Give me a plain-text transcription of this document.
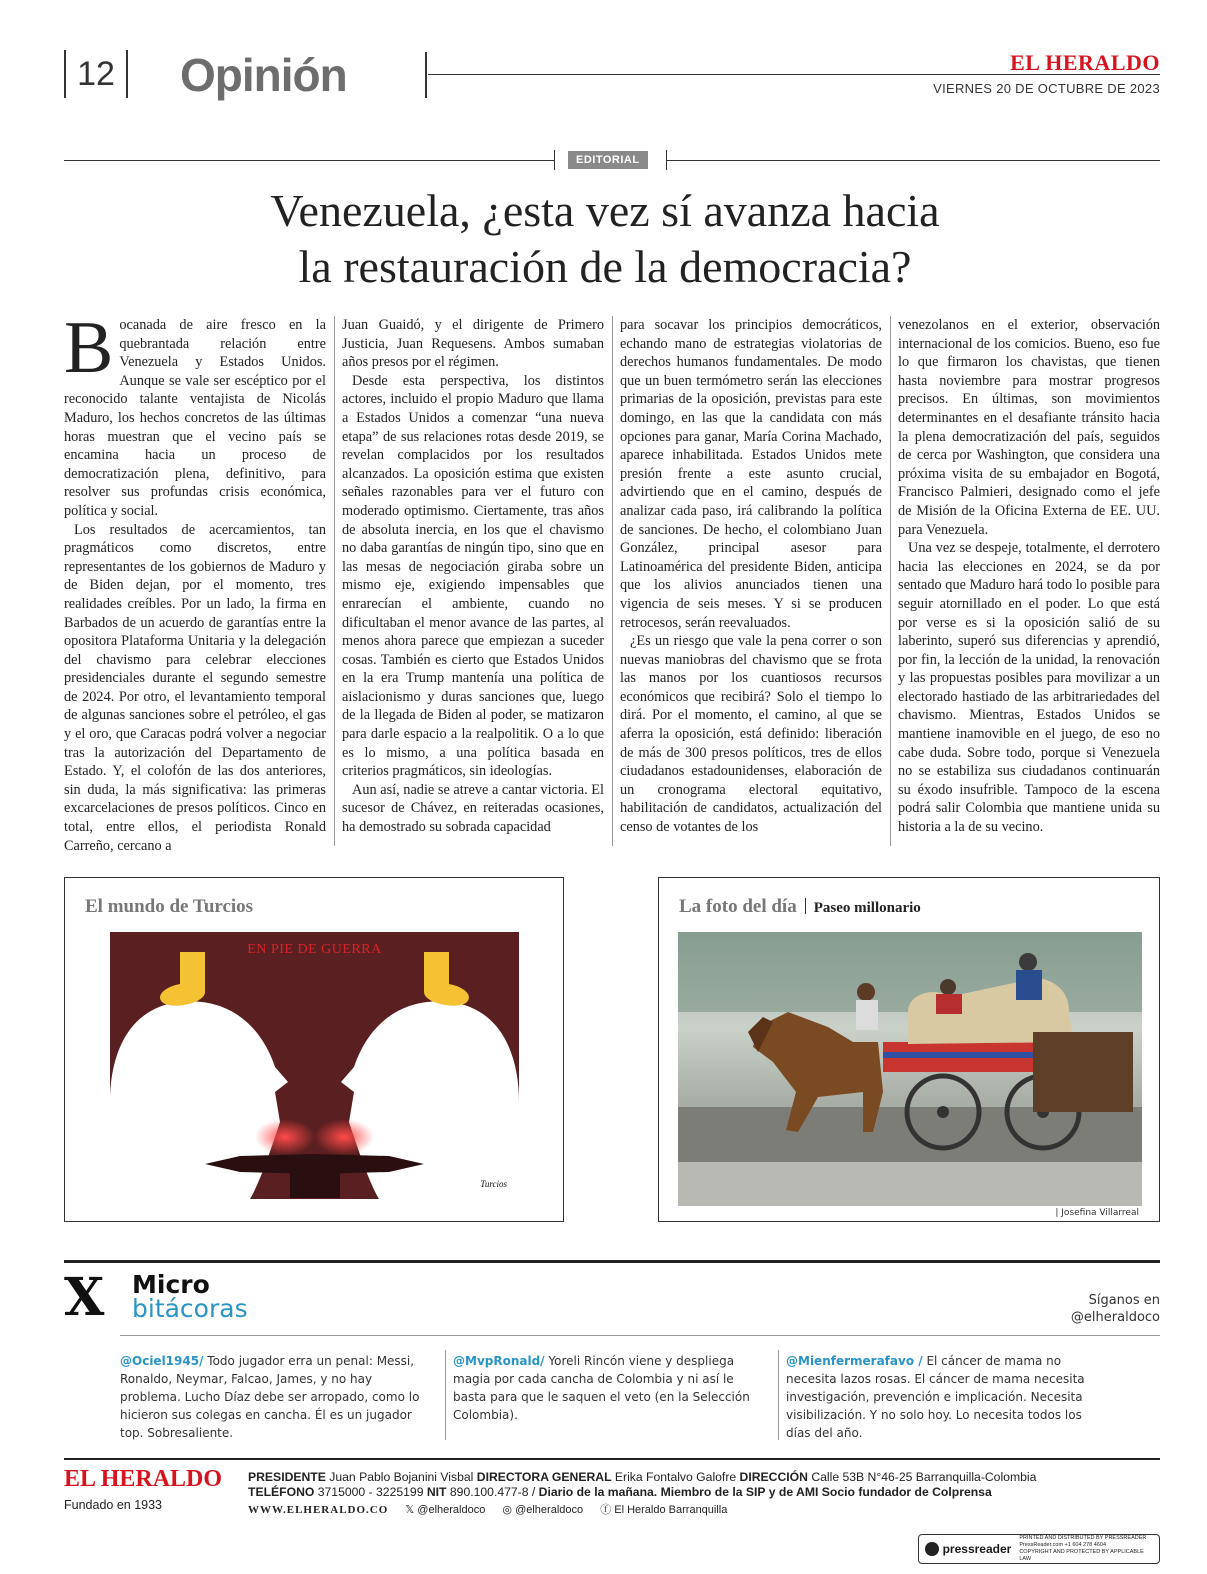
12 Opinión	EL HERALDO
VIERNES 20 DE OCTUBRE DE 2023
EDITORIAL
Venezuela, ¿esta vez sí avanza hacia
la restauración de la democracia?

Bocanada de aire fresco en la quebrantada relación entre Venezuela y Estados Unidos. Aunque se vale ser escéptico por el reconocido talante ventajista de Nicolás Maduro, los hechos concretos de las últimas horas muestran que el vecino país se encamina hacia un proceso de democratización plena, definitivo, para resolver sus profundas crisis económica, política y social.

Los resultados de acercamientos, tan pragmáticos como discretos, entre representantes de los gobiernos de Maduro y de Biden dejan, por el momento, tres realidades creíbles. Por un lado, la firma en Barbados de un acuerdo de garantías entre la opositora Plataforma Unitaria y la delegación del chavismo para celebrar elecciones presidenciales durante el segundo semestre de 2024. Por otro, el levantamiento temporal de algunas sanciones sobre el petróleo, el gas y el oro, que Caracas podrá volver a negociar tras la autorización del Departamento de Estado. Y, el colofón de las dos anteriores, sin duda, la más significativa: las primeras excarcelaciones de presos políticos. Cinco en total, entre ellos, el periodista Ronald Carreño, cercano a

Juan Guaidó, y el dirigente de Primero Justicia, Juan Requesens. Ambos sumaban años presos por el régimen.

Desde esta perspectiva, los distintos actores, incluido el propio Maduro que llama a Estados Unidos a comenzar “una nueva etapa” de sus relaciones rotas desde 2019, se revelan complacidos por los resultados alcanzados. La oposición estima que existen señales razonables para ver el futuro con moderado optimismo. Ciertamente, tras años de absoluta inercia, en los que el chavismo no daba garantías de ningún tipo, sino que en las mesas de negociación giraba sobre un mismo eje, exigiendo impensables que enrarecían el ambiente, cuando no dificultaban el menor avance de las partes, al menos ahora parece que empiezan a suceder cosas. También es cierto que Estados Unidos en la era Trump mantenía una política de aislacionismo y duras sanciones que, luego de la llegada de Biden al poder, se matizaron para darle espacio a la realpolitik. O a lo que es lo mismo, a una política basada en criterios pragmáticos, sin ideologías.

Aun así, nadie se atreve a cantar victoria. El sucesor de Chávez, en reiteradas ocasiones, ha demostrado su sobrada capacidad

para socavar los principios democráticos, echando mano de estrategias violatorias de derechos humanos fundamentales. De modo que un buen termómetro serán las elecciones primarias de la oposición, previstas para este domingo, en las que la candidata con más opciones para ganar, María Corina Machado, aparece inhabilitada. Estados Unidos mete presión frente a este asunto crucial, advirtiendo que en el camino, después de analizar cada paso, irá calibrando la política de sanciones. De hecho, el colombiano Juan González, principal asesor para Latinoamérica del presidente Biden, anticipa que los alivios anunciados tienen una vigencia de seis meses. Y si se producen retrocesos, serán reevaluados.

¿Es un riesgo que vale la pena correr o son nuevas maniobras del chavismo que se frota las manos por los cuantiosos recursos económicos que recibirá? Solo el tiempo lo dirá. Por el momento, el camino, al que se aferra la oposición, está definido: liberación de más de 300 presos políticos, tres de ellos ciudadanos estadounidenses, elaboración de un cronograma electoral equitativo, habilitación de candidatos, actualización del censo de votantes de los

venezolanos en el exterior, observación internacional de los comicios. Bueno, eso fue lo que firmaron los chavistas, que tienen hasta noviembre para mostrar progresos precisos. En últimas, son movimientos determinantes en el desafiante tránsito hacia la plena democratización del país, seguidos de cerca por Washington, que considera una próxima visita de su embajador en Bogotá, Francisco Palmieri, designado como el jefe de Misión de la Oficina Externa de EE. UU. para Venezuela.

Una vez se despeje, totalmente, el derrotero hacia las elecciones en 2024, se da por sentado que Maduro hará todo lo posible para seguir atornillado en el poder. Lo que está por verse es si la oposición salió de su laberinto, superó sus diferencias y aprendió, por fin, la lección de la unidad, la renovación y las propuestas posibles para movilizar a un electorado hastiado de las arbitrariedades del chavismo. Mientras, Estados Unidos se mantiene inamovible en el juego, de eso no cabe duda. Sobre todo, porque si Venezuela no se estabiliza sus ciudadanos continuarán su éxodo insufrible. Tampoco de la escena podrá salir Colombia que mantiene unida su historia a la de su vecino.

El mundo de Turcios
EN PIE DE GUERRA
Turcios
La foto del día Paseo millonario
| Josefina Villarreal
X Micro
bitácoras	Síganos en
@elheraldoco
@Ociel1945/ Todo jugador erra un penal: Messi, Ronaldo, Neymar, Falcao, James, y no hay problema. Lucho Díaz debe ser arropado, como lo hicieron sus colegas en cancha. Él es un jugador top. Sobresaliente.
@MvpRonald/ Yoreli Rincón viene y despliega magia por cada cancha de Colombia y ni así le basta para que le saquen el veto (en la Selección Colombia).
@Mienfermerafavo / El cáncer de mama no necesita lazos rosas. El cáncer de mama necesita investigación, prevención e implicación. Necesita visibilización. Y no solo hoy. Lo necesita todos los días del año.
EL HERALDO
Fundado en 1933
PRESIDENTE Juan Pablo Bojanini Visbal DIRECTORA GENERAL Erika Fontalvo Galofre DIRECCIÓN Calle 53B N°46-25 Barranquilla-Colombia
TELÉFONO 3715000 - 3225199 NIT 890.100.477-8 / Diario de la mañana. Miembro de la SIP y de AMI Socio fundador de Colprensa
WWW.ELHERALDO.CO 𝕏 @elheraldoco ◎ @elheraldoco ⓕ El Heraldo Barranquilla
pressreader
PRINTED AND DISTRIBUTED BY PRESSREADER
PressReader.com +1 604 278 4604
COPYRIGHT AND PROTECTED BY APPLICABLE LAW
